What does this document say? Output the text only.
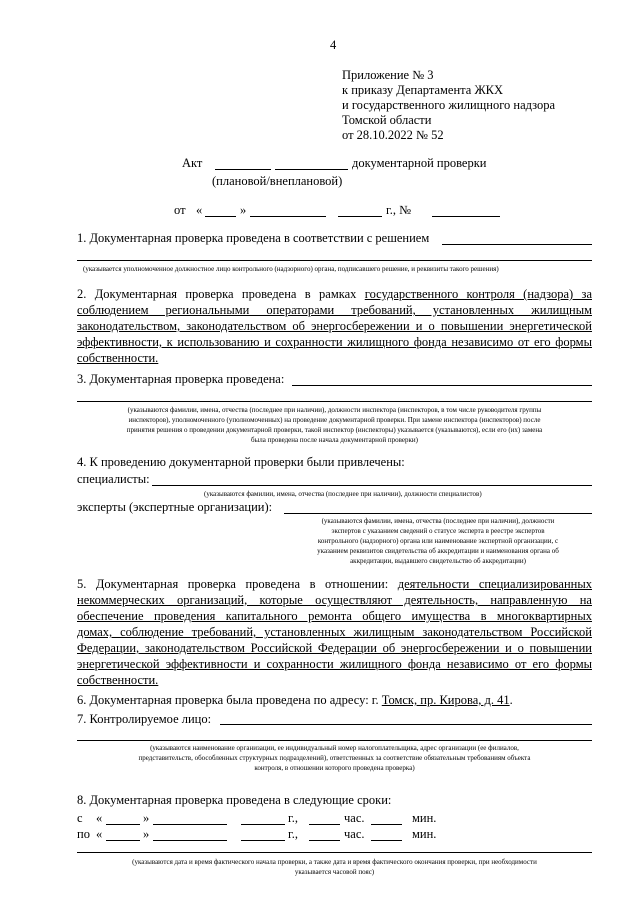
4
Приложение № 3
к приказу Департамента ЖКХ
и государственного жилищного надзора
Томской области
от 28.10.2022 № 52
Акт	документарной проверки
(плановой/внеплановой)
от «	»	г., №
1. Документарная проверка проведена в соответствии с решением
(указывается уполномоченное должностное лицо контрольного (надзорного) органа, подписавшего решение, и реквизиты такого решения)
2. Документарная проверка проведена в рамках государственного контроля (надзора) за
соблюдением региональными операторами требований, установленных жилищным
законодательством, законодательством об энергосбережении и о повышении энергетической
эффективности, к использованию и сохранности жилищного фонда независимо от его формы
собственности.
3. Документарная проверка проведена:
(указываются фамилии, имена, отчества (последнее при наличии), должности инспектора (инспекторов, в том числе руководителя группы
инспекторов), уполномоченного (уполномоченных) на проведение документарной проверки. При замене инспектора (инспекторов) после
принятия решения о проведении документарной проверки, такой инспектор (инспекторы) указывается (указываются), если его (их) замена
была проведена после начала документарной проверки)
4. К проведению документарной проверки были привлечены:
специалисты:
(указываются фамилии, имена, отчества (последнее при наличии), должности специалистов)
эксперты (экспертные организации):
(указываются фамилии, имена, отчества (последнее при наличии), должности
экспертов с указанием сведений о статусе эксперта в реестре экспертов
контрольного (надзорного) органа или наименование экспертной организации, с
указанием реквизитов свидетельства об аккредитации и наименования органа об
аккредитации, выдавшего свидетельство об аккредитации)
5. Документарная проверка проведена в отношении: деятельности специализированных
некоммерческих организаций, которые осуществляют деятельность, направленную на
обеспечение проведения капитального ремонта общего имущества в многоквартирных
домах, соблюдение требований, установленных жилищным законодательством Российской
Федерации, законодательством Российской Федерации об энергосбережении и о повышении
энергетической эффективности и сохранности жилищного фонда независимо от его формы
собственности.
6. Документарная проверка была проведена по адресу: г. Томск, пр. Кирова, д. 41.
7. Контролируемое лицо:
(указываются наименование организации, ее индивидуальный номер налогоплательщика, адрес организации (ее филиалов,
представительств, обособленных структурных подразделений), ответственных за соответствие обязательным требованиям объекта
контроля, в отношении которого проведена проверка)
8. Документарная проверка проведена в следующие сроки:
с «	»	г.,	час.	мин.
по «	»	г.,	час.	мин.
(указываются дата и время фактического начала проверки, а также дата и время фактического окончания проверки, при необходимости
указывается часовой пояс)
